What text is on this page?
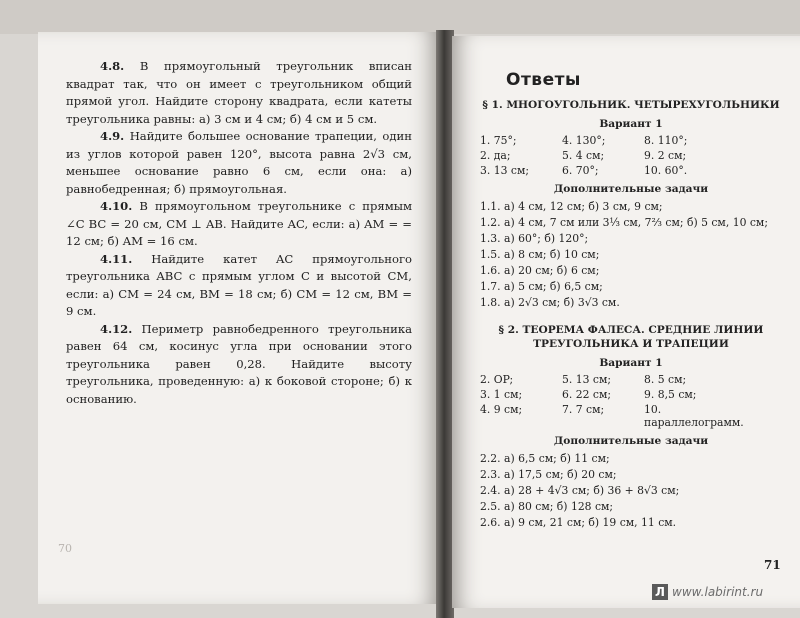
4.8. В прямоугольный треугольник вписан квадрат так, что он имеет с треугольником общий прямой угол. Найдите сторону квадрата, если катеты треугольника равны: а) 3 см и 4 см; б) 4 см и 5 см.

4.9. Найдите большее основание трапеции, один из углов которой равен 120°, высота равна 2√3 см, меньшее основание равно 6 см, если она: а) равнобедренная; б) прямоугольная.

4.10. В прямоугольном треугольнике с прямым ∠C BC = 20 см, CM ⊥ AB. Найдите AC, если: а) AM = = 12 см; б) AM = 16 см.

4.11. Найдите катет AC прямоугольного треугольника ABC с прямым углом C и высотой CM, если: а) CM = 24 см, BM = 18 см; б) CM = 12 см, BM = 9 см.

4.12. Периметр равнобедренного треугольника равен 64 см, косинус угла при основании этого треугольника равен 0,28. Найдите высоту треугольника, проведенную: а) к боковой стороне; б) к основанию.

70
Ответы
§ 1. МНОГОУГОЛЬНИК. ЧЕТЫРЕХУГОЛЬНИКИ
Вариант 1
1. 75°;	4. 130°;	8. 110°;
2. да;	5. 4 см;	9. 2 см;
3. 13 см;	6. 70°;	10. 60°.
Дополнительные задачи
1.1. а) 4 см, 12 см; б) 3 см, 9 см;
1.2. а) 4 см, 7 см или 3⅓ см, 7⅔ см; б) 5 см, 10 см;
1.3. а) 60°; б) 120°;
1.5. а) 8 см; б) 10 см;
1.6. а) 20 см; б) 6 см;
1.7. а) 5 см; б) 6,5 см;
1.8. а) 2√3 см; б) 3√3 см.
§ 2. ТЕОРЕМА ФАЛЕСА. СРЕДНИЕ ЛИНИИ ТРЕУГОЛЬНИКА И ТРАПЕЦИИ
Вариант 1
2. OP;	5. 13 см;	8. 5 см;
3. 1 см;	6. 22 см;	9. 8,5 см;
4. 9 см;	7. 7 см;	10. параллелограмм.
Дополнительные задачи
2.2. а) 6,5 см; б) 11 см;
2.3. а) 17,5 см; б) 20 см;
2.4. а) 28 + 4√3 см; б) 36 + 8√3 см;
2.5. а) 80 см; б) 128 см;
2.6. а) 9 см, 21 см; б) 19 см, 11 см.
71
Л www.labirint.ru
